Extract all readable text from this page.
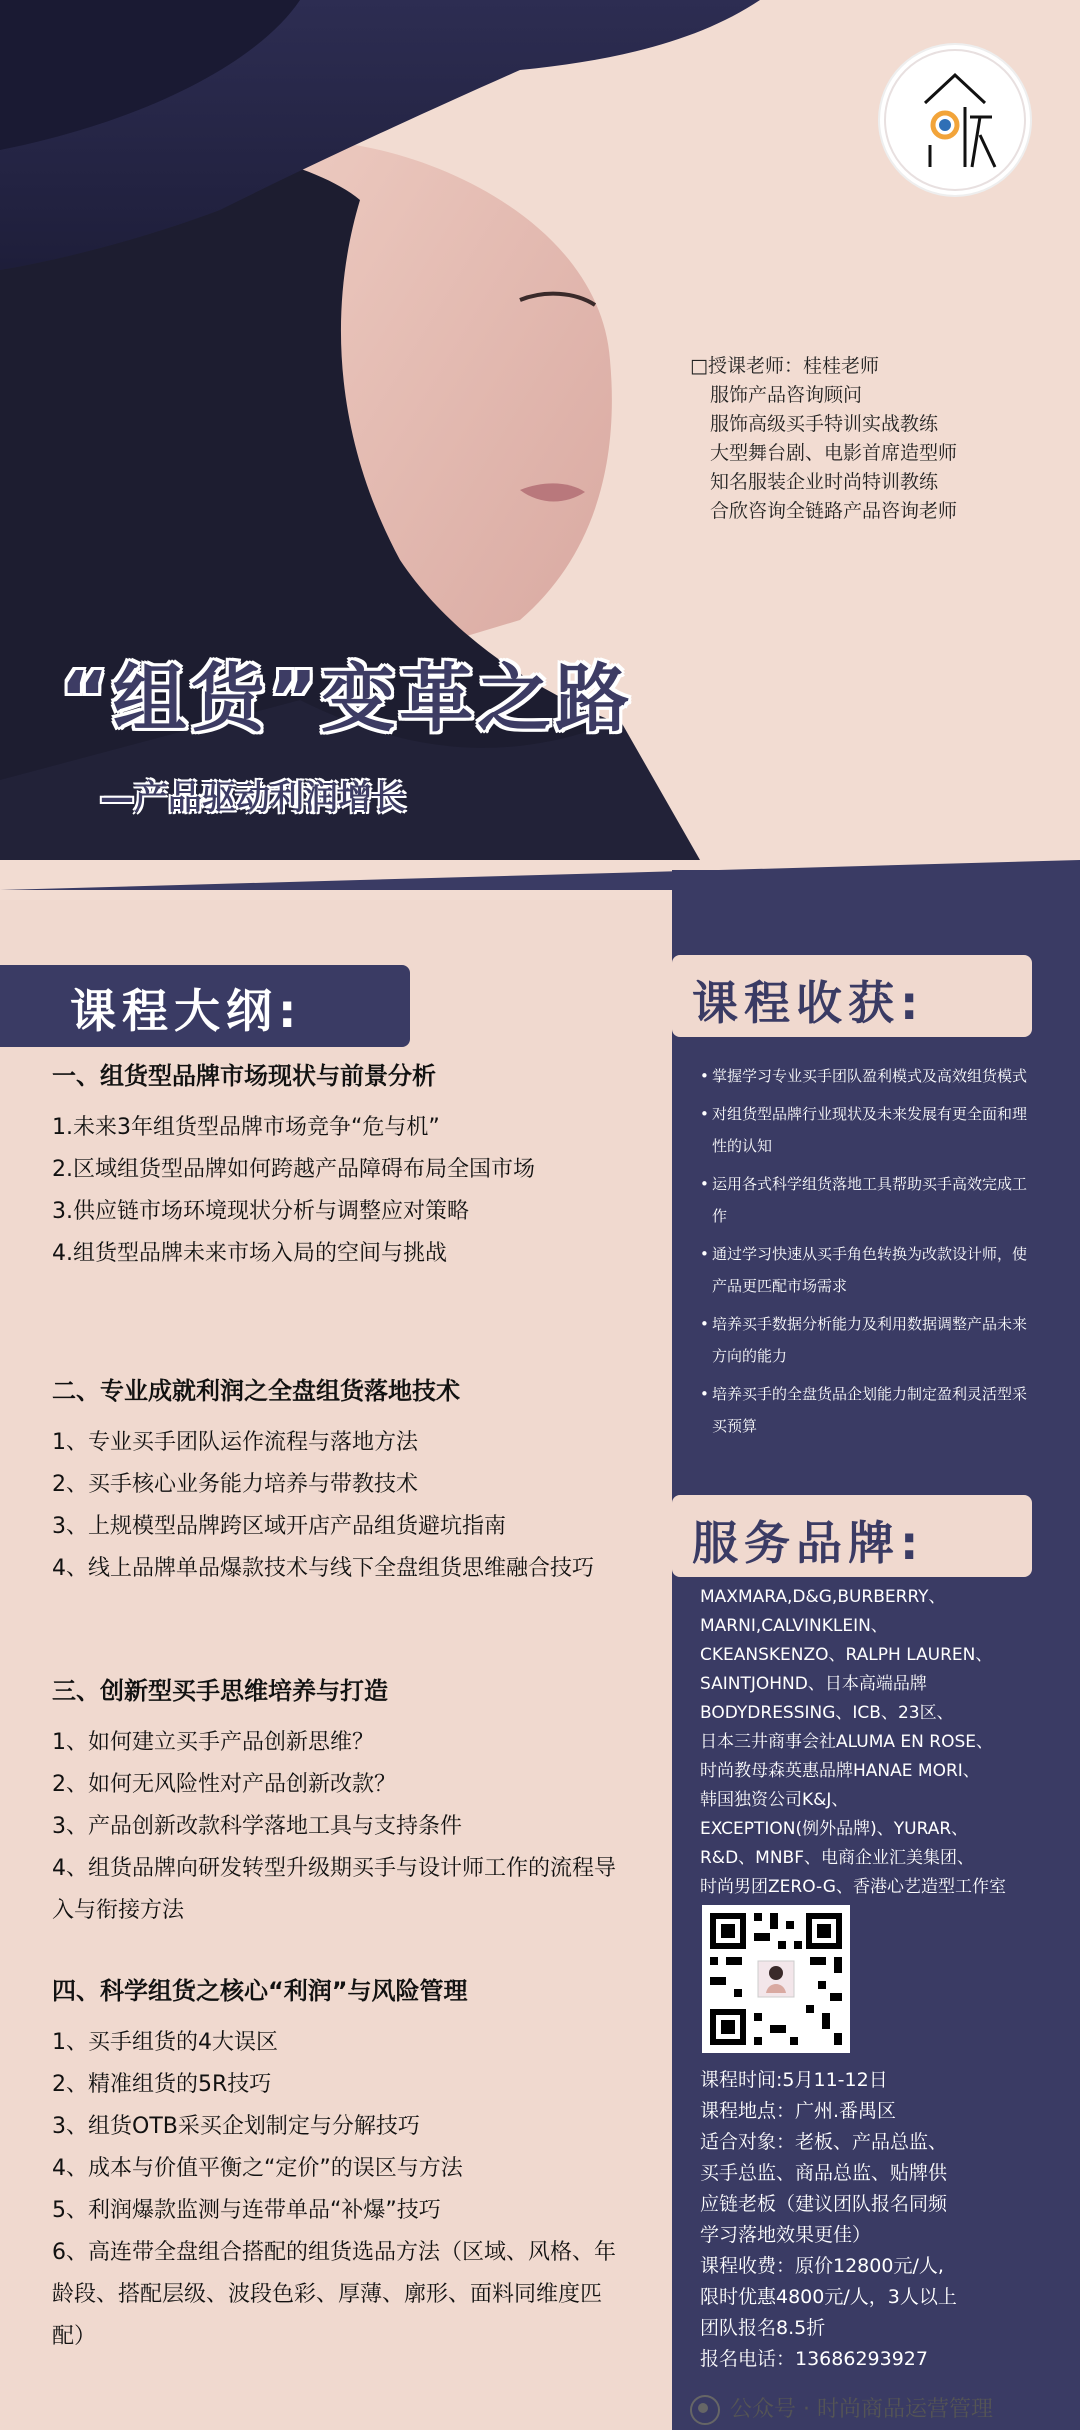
□授课老师：桂桂老师
服饰产品咨询顾问
服饰高级买手特训实战教练
大型舞台剧、电影首席造型师
知名服装企业时尚特训教练
合欣咨询全链路产品咨询老师
“组货”变革之路
—产品驱动利润增长
课程大纲:
一、组货型品牌市场现状与前景分析
1.未来3年组货型品牌市场竞争“危与机”
2.区域组货型品牌如何跨越产品障碍布局全国市场
3.供应链市场环境现状分析与调整应对策略
4.组货型品牌未来市场入局的空间与挑战
二、专业成就利润之全盘组货落地技术
1、专业买手团队运作流程与落地方法
2、买手核心业务能力培养与带教技术
3、上规模型品牌跨区域开店产品组货避坑指南
4、线上品牌单品爆款技术与线下全盘组货思维融合技巧
三、创新型买手思维培养与打造
1、如何建立买手产品创新思维？
2、如何无风险性对产品创新改款？
3、产品创新改款科学落地工具与支持条件
4、组货品牌向研发转型升级期买手与设计师工作的流程导入与衔接方法
四、科学组货之核心“利润”与风险管理
1、买手组货的4大误区
2、精准组货的5R技巧
3、组货OTB采买企划制定与分解技巧
4、成本与价值平衡之“定价”的误区与方法
5、利润爆款监测与连带单品“补爆”技巧
6、高连带全盘组合搭配的组货选品方法（区域、风格、年龄段、搭配层级、波段色彩、厚薄、廓形、面料同维度匹配）
课程收获:
• 掌握学习专业买手团队盈利模式及高效组货模式
• 对组货型品牌行业现状及未来发展有更全面和理性的认知
• 运用各式科学组货落地工具帮助买手高效完成工作
• 通过学习快速从买手角色转换为改款设计师，使产品更匹配市场需求
• 培养买手数据分析能力及利用数据调整产品未来方向的能力
• 培养买手的全盘货品企划能力制定盈利灵活型采买预算
服务品牌:
MAXMARA,D&G,BURBERRY、
MARNI,CALVINKLEIN、
CKEANSKENZO、RALPH LAUREN、
SAINTJOHND、日本高端品牌
BODYDRESSING、ICB、23区、
日本三井商事会社ALUMA EN ROSE、
时尚教母森英惠品牌HANAE MORI、
韩国独资公司K&J、
EXCEPTION(例外品牌)、YURAR、
R&D、MNBF、电商企业汇美集团、
时尚男团ZERO-G、香港心艺造型工作室
课程时间:5月11-12日
课程地点：广州.番禺区
适合对象：老板、产品总监、
买手总监、商品总监、贴牌供
应链老板（建议团队报名同频
学习落地效果更佳）
课程收费：原价12800元/人,
限时优惠4800元/人，3人以上
团队报名8.5折
报名电话：13686293927
公众号 · 时尚商品运营管理
